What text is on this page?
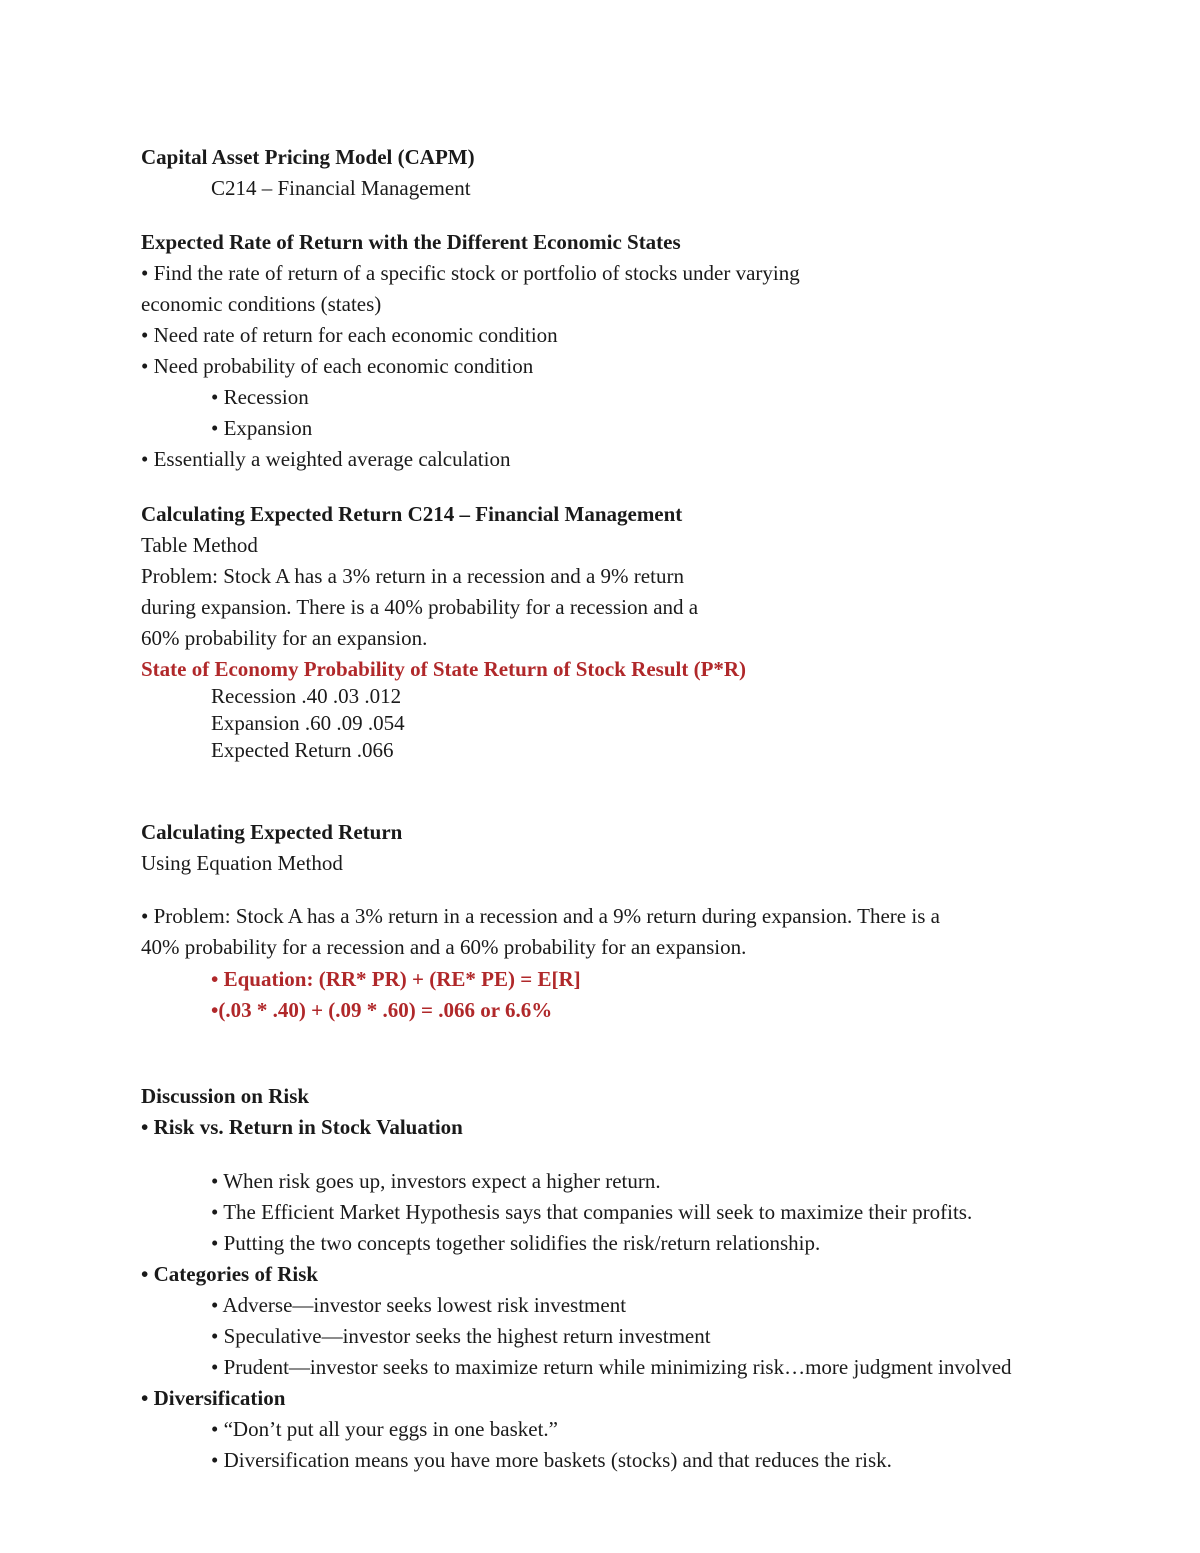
Capital Asset Pricing Model (CAPM)
C214 – Financial Management
Expected Rate of Return with the Different Economic States
• Find the rate of return of a specific stock or portfolio of stocks under varying
economic conditions (states)
• Need rate of return for each economic condition
• Need probability of each economic condition
• Recession
• Expansion
• Essentially a weighted average calculation
Calculating Expected Return C214 – Financial Management
Table Method
Problem: Stock A has a 3% return in a recession and a 9% return
during expansion. There is a 40% probability for a recession and a
60% probability for an expansion.
State of Economy Probability of State Return of Stock Result (P*R)
Recession .40 .03 .012
Expansion .60 .09 .054
Expected Return .066
Calculating Expected Return
Using Equation Method
• Problem: Stock A has a 3% return in a recession and a 9% return during expansion. There is a
40% probability for a recession and a 60% probability for an expansion.
• Equation: (RR* PR) + (RE* PE) = E[R]
•(.03 * .40) + (.09 * .60) = .066 or 6.6%
Discussion on Risk
• Risk vs. Return in Stock Valuation
• When risk goes up, investors expect a higher return.
• The Efficient Market Hypothesis says that companies will seek to maximize their profits.
• Putting the two concepts together solidifies the risk/return relationship.
• Categories of Risk
• Adverse—investor seeks lowest risk investment
• Speculative—investor seeks the highest return investment
• Prudent—investor seeks to maximize return while minimizing risk…more judgment involved
• Diversification
• “Don’t put all your eggs in one basket.”
• Diversification means you have more baskets (stocks) and that reduces the risk.
